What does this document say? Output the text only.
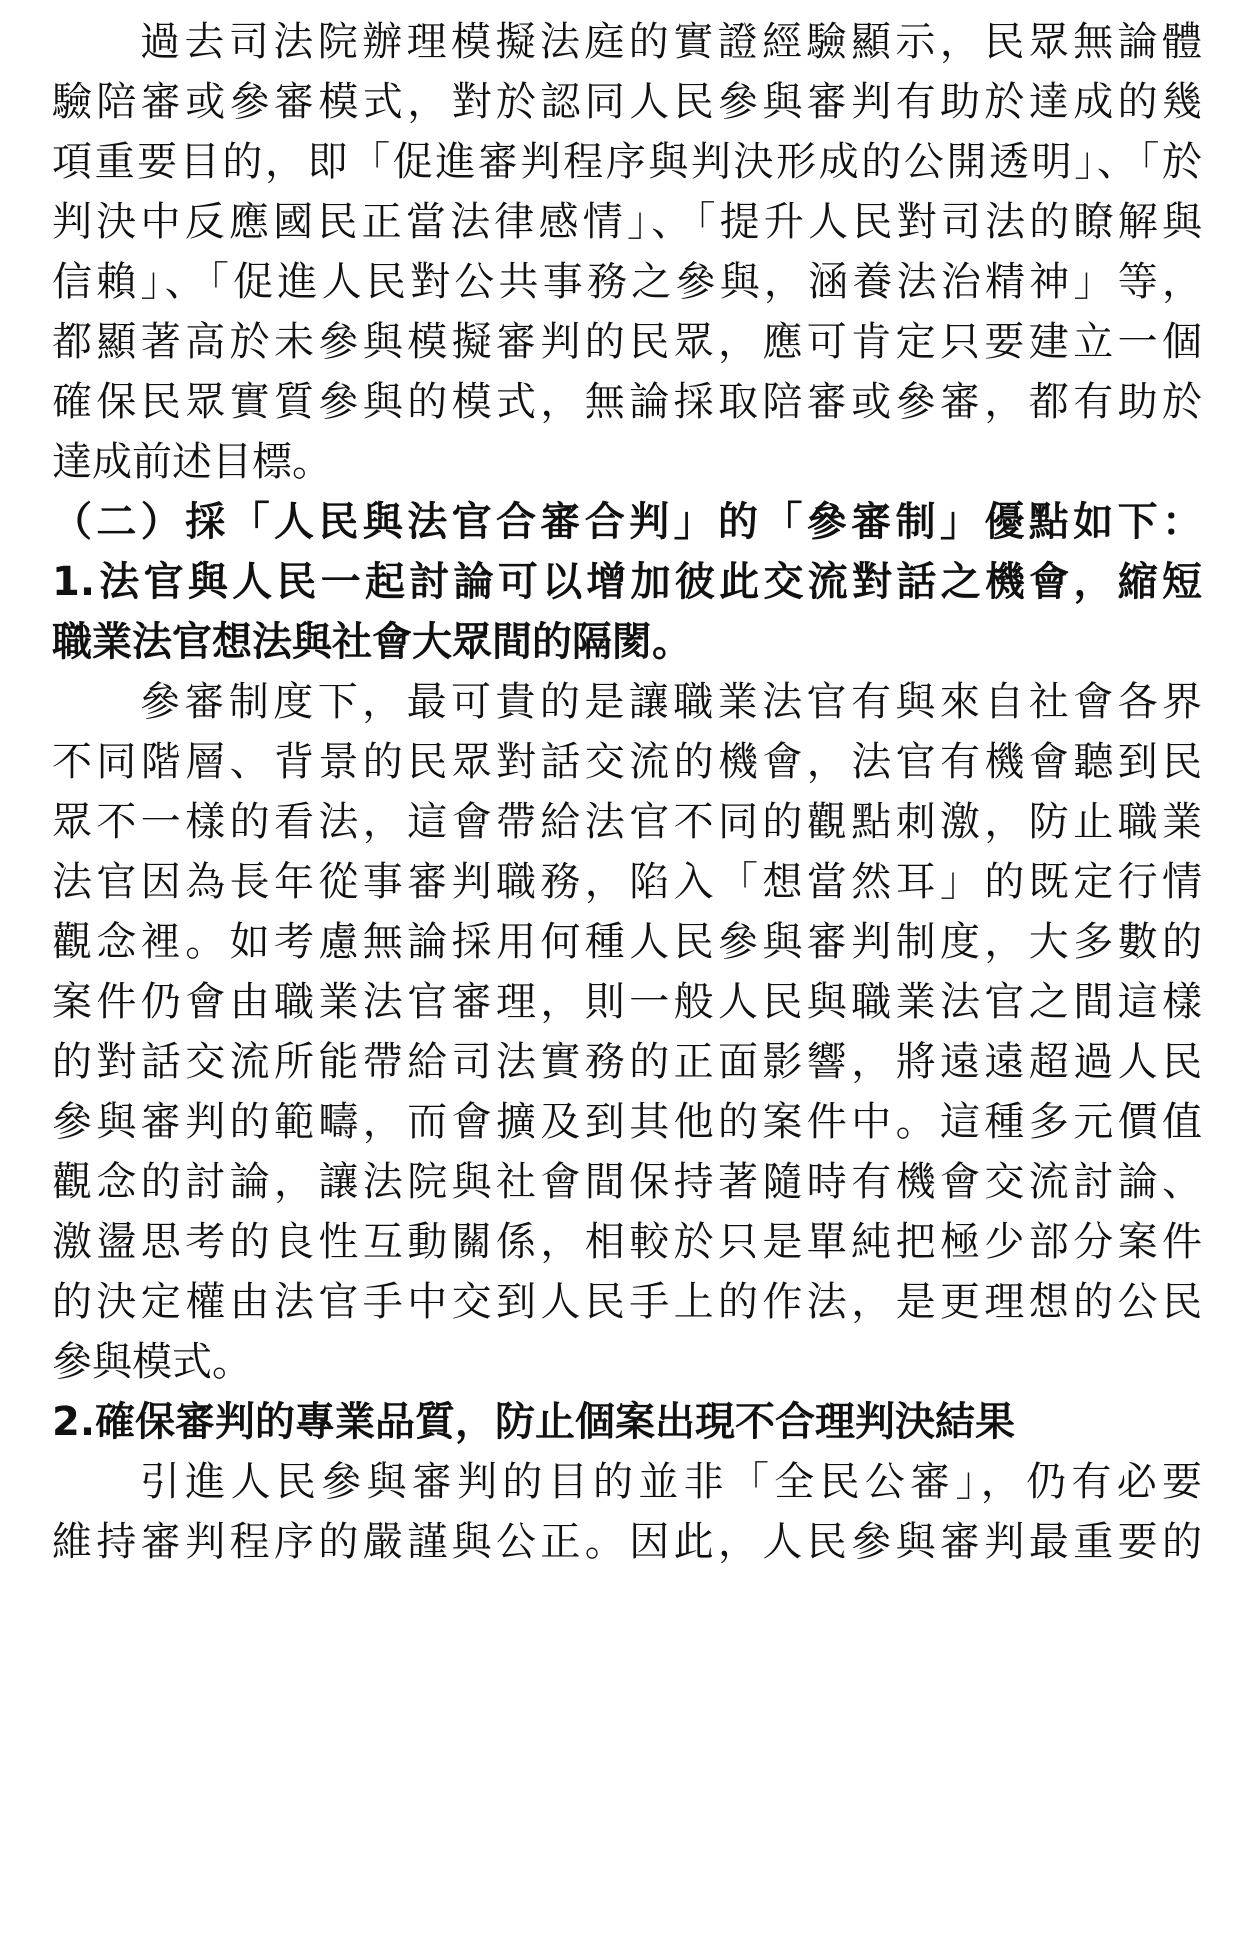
過去司法院辦理模擬法庭的實證經驗顯示，民眾無論體
驗陪審或參審模式，對於認同人民參與審判有助於達成的幾
項重要目的，即「促進審判程序與判決形成的公開透明」、「於
判決中反應國民正當法律感情」、「提升人民對司法的瞭解與
信賴」、「促進人民對公共事務之參與，涵養法治精神」等，
都顯著高於未參與模擬審判的民眾，應可肯定只要建立一個
確保民眾實質參與的模式，無論採取陪審或參審，都有助於
達成前述目標。
（二）採「人民與法官合審合判」的「參審制」優點如下：
1.法官與人民一起討論可以增加彼此交流對話之機會，縮短
職業法官想法與社會大眾間的隔閡。
參審制度下，最可貴的是讓職業法官有與來自社會各界
不同階層、背景的民眾對話交流的機會，法官有機會聽到民
眾不一樣的看法，這會帶給法官不同的觀點刺激，防止職業
法官因為長年從事審判職務，陷入「想當然耳」的既定行情
觀念裡。如考慮無論採用何種人民參與審判制度，大多數的
案件仍會由職業法官審理，則一般人民與職業法官之間這樣
的對話交流所能帶給司法實務的正面影響，將遠遠超過人民
參與審判的範疇，而會擴及到其他的案件中。這種多元價值
觀念的討論，讓法院與社會間保持著隨時有機會交流討論、
激盪思考的良性互動關係，相較於只是單純把極少部分案件
的決定權由法官手中交到人民手上的作法，是更理想的公民
參與模式。
2.確保審判的專業品質，防止個案出現不合理判決結果
引進人民參與審判的目的並非「全民公審」，仍有必要
維持審判程序的嚴謹與公正。因此，人民參與審判最重要的
